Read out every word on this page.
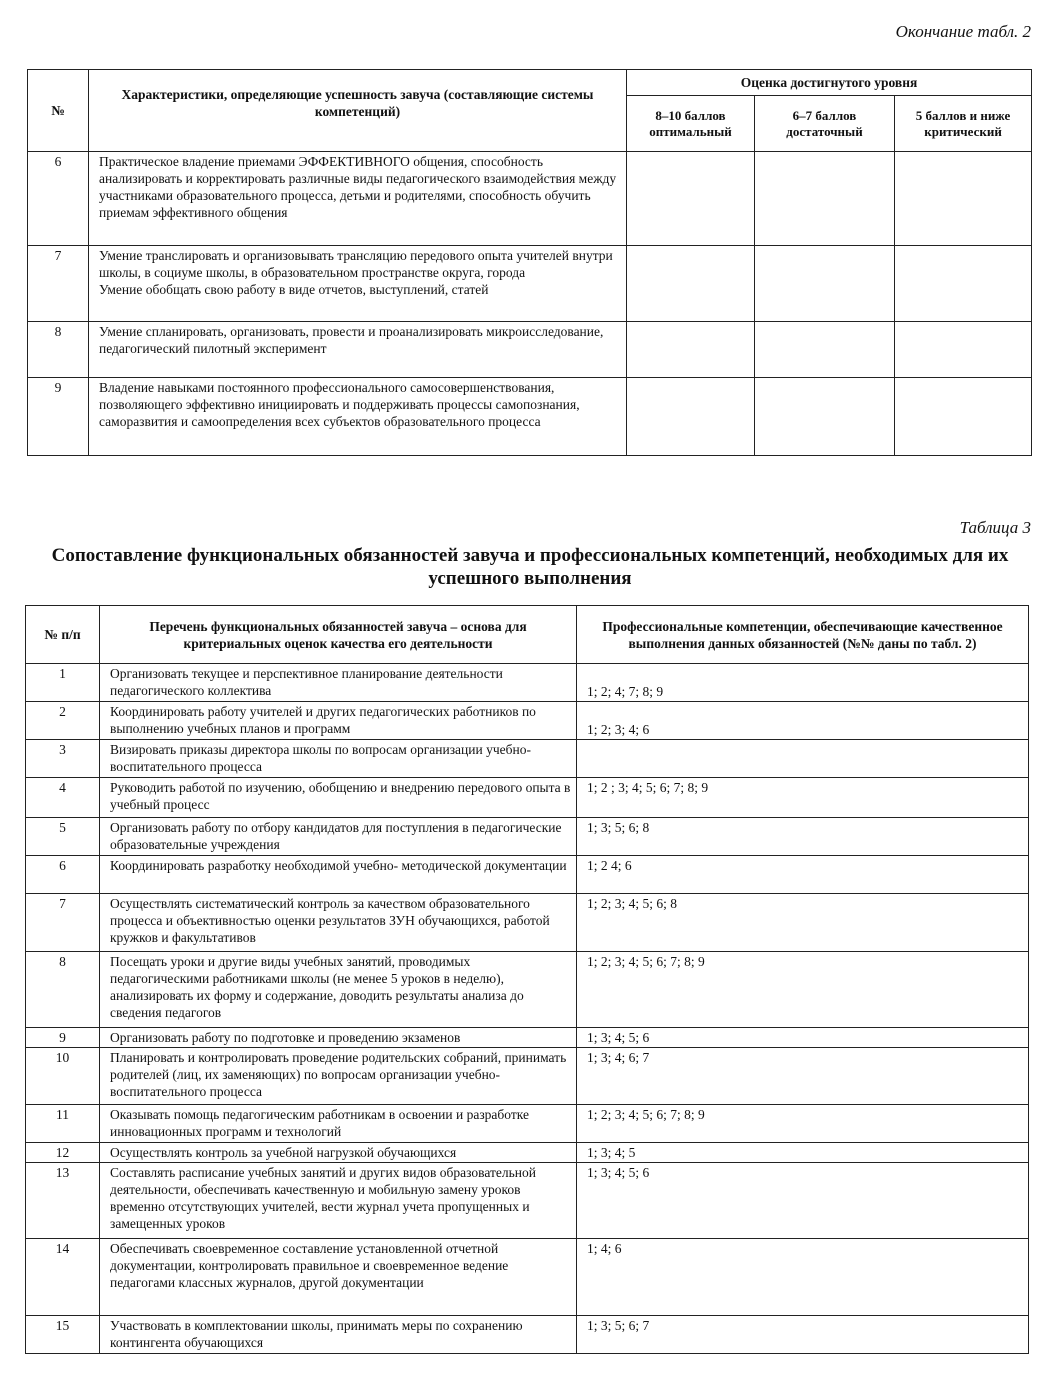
Окончание табл. 2
№	Характеристики, определяющие успешность завуча (составляющие системы компетенций)	Оценка достигнутого уровня		
		8–10 баллов оптимальный	6–7 баллов достаточный	5 баллов и ниже критический
6	Практическое владение приемами ЭФФЕКТИВНОГО общения, способность анализировать и корректировать различные виды педагогического взаимодействия между участниками образовательного процесса, детьми и родителями, способность обучить приемам эффективного общения			
7	Умение транслировать и организовывать трансляцию передового опыта учителей внутри школы, в социуме школы, в образовательном пространстве округа, города
Умение обобщать свою работу в виде отчетов, выступлений, статей			

8	Умение спланировать, организовать, провести и проанализировать микроисследование, педагогический пилотный эксперимент			
9	Владение навыками постоянного профессионального самосовершенствования, позволяющего эффективно инициировать и поддерживать процессы самопознания, саморазвития и самоопределения всех субъектов образовательного процесса			
Таблица 3
Сопоставление функциональных обязанностей завуча и профессиональных компетенций, необходимых для их успешного выполнения
№ п/п	Перечень функциональных обязанностей завуча – основа для критериальных оценок качества его деятельности	Профессиональные компетенции, обеспечивающие качественное выполнения данных обязанностей (№№ даны по табл. 2)
1	Организовать текущее и перспективное планирование деятельности педагогического коллектива	1; 2; 4; 7; 8; 9
2	Координировать работу учителей и других педагогических работников по выполнению учебных планов и программ	1; 2; 3; 4; 6
3	Визировать приказы директора школы по вопросам организации учебно-воспитательного процесса	
4	Руководить работой по изучению, обобщению и внедрению передового опыта в учебный процесс	1; 2 ; 3; 4; 5; 6; 7; 8; 9
5	Организовать работу по отбору кандидатов для поступления в педагогические образовательные учреждения	1; 3; 5; 6; 8
6	Координировать разработку необходимой учебно- методической документации	1; 2 4; 6
7	Осуществлять систематический контроль за качеством образовательного процесса и объективностью оценки результатов ЗУН обучающихся, работой кружков и факультативов	1; 2; 3; 4; 5; 6; 8
8	Посещать уроки и другие виды учебных занятий, проводимых педагогическими работниками школы (не менее 5 уроков в неделю), анализировать их форму и содержание, доводить результаты анализа до сведения педагогов	1; 2; 3; 4; 5; 6; 7; 8; 9
9	Организовать работу по подготовке и проведению экзаменов	1; 3; 4; 5; 6
10	Планировать и контролировать проведение родительских собраний, принимать родителей (лиц, их заменяющих) по вопросам организации учебно-воспитательного процесса	1; 3; 4; 6; 7
11	Оказывать помощь педагогическим работникам в освоении и разработке инновационных программ и технологий	1; 2; 3; 4; 5; 6; 7; 8; 9
12	Осуществлять контроль за учебной нагрузкой обучающихся	1; 3; 4; 5
13	Составлять расписание учебных занятий и других видов образовательной деятельности, обеспечивать качественную и мобильную замену уроков временно отсутствующих учителей, вести журнал учета пропущенных и замещенных уроков	1; 3; 4; 5; 6
14	Обеспечивать своевременное составление установленной отчетной документации, контролировать правильное и своевременное ведение педагогами классных журналов, другой документации	1; 4; 6
15	Участвовать в комплектовании школы, принимать меры по сохранению контингента обучающихся	1; 3; 5; 6; 7
